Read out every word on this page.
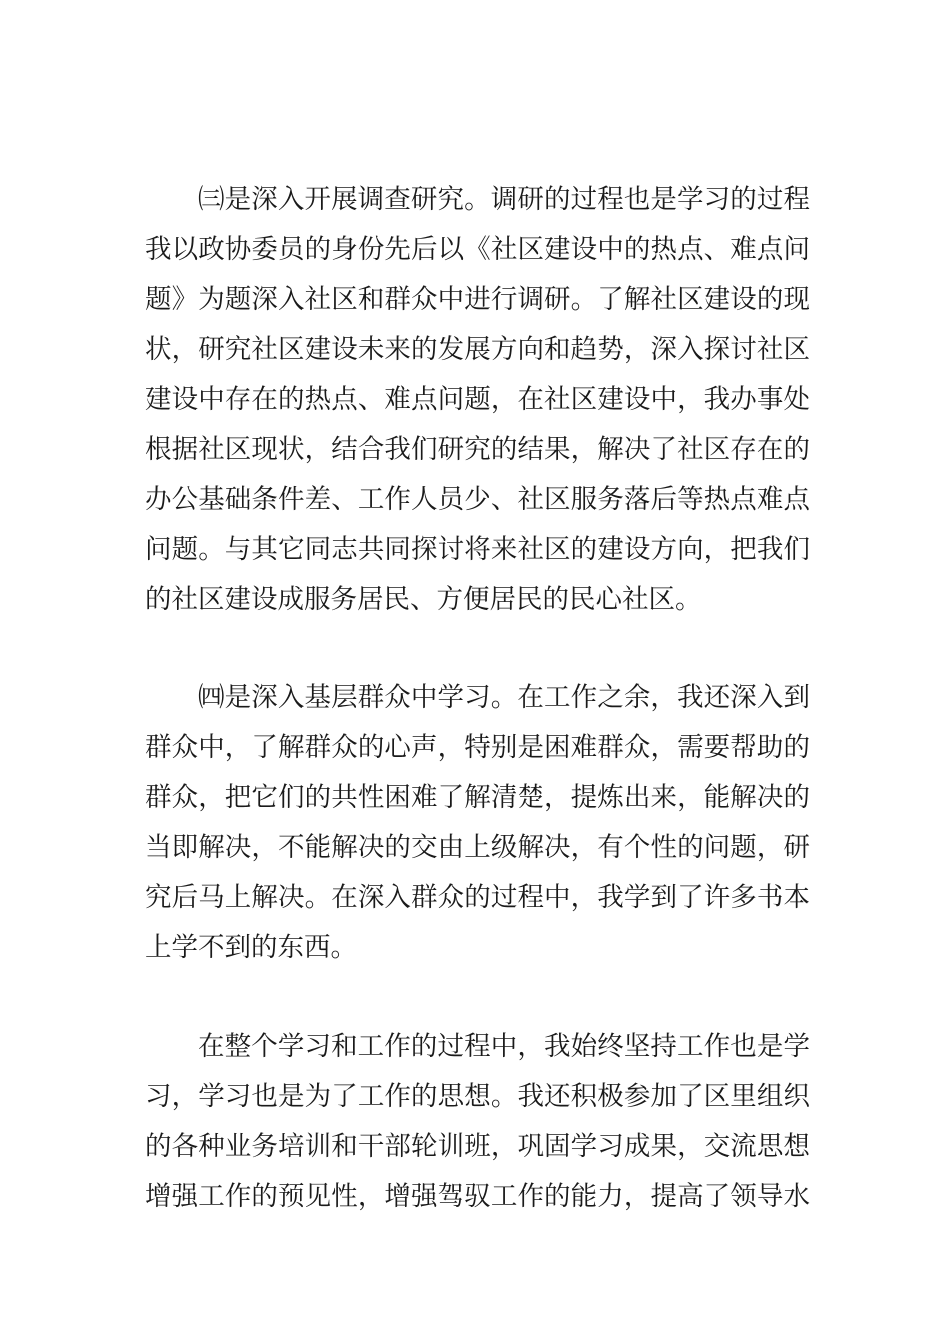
㈢是深入开展调查研究。调研的过程也是学习的过程
我以政协委员的身份先后以《社区建设中的热点、难点问
题》为题深入社区和群众中进行调研。了解社区建设的现
状，研究社区建设未来的发展方向和趋势，深入探讨社区
建设中存在的热点、难点问题，在社区建设中，我办事处
根据社区现状，结合我们研究的结果，解决了社区存在的
办公基础条件差、工作人员少、社区服务落后等热点难点
问题。与其它同志共同探讨将来社区的建设方向，把我们
的社区建设成服务居民、方便居民的民心社区。
㈣是深入基层群众中学习。在工作之余，我还深入到
群众中，了解群众的心声，特别是困难群众，需要帮助的
群众，把它们的共性困难了解清楚，提炼出来，能解决的
当即解决，不能解决的交由上级解决，有个性的问题，研
究后马上解决。在深入群众的过程中，我学到了许多书本
上学不到的东西。
在整个学习和工作的过程中，我始终坚持工作也是学
习，学习也是为了工作的思想。我还积极参加了区里组织
的各种业务培训和干部轮训班，巩固学习成果，交流思想
增强工作的预见性，增强驾驭工作的能力，提高了领导水
